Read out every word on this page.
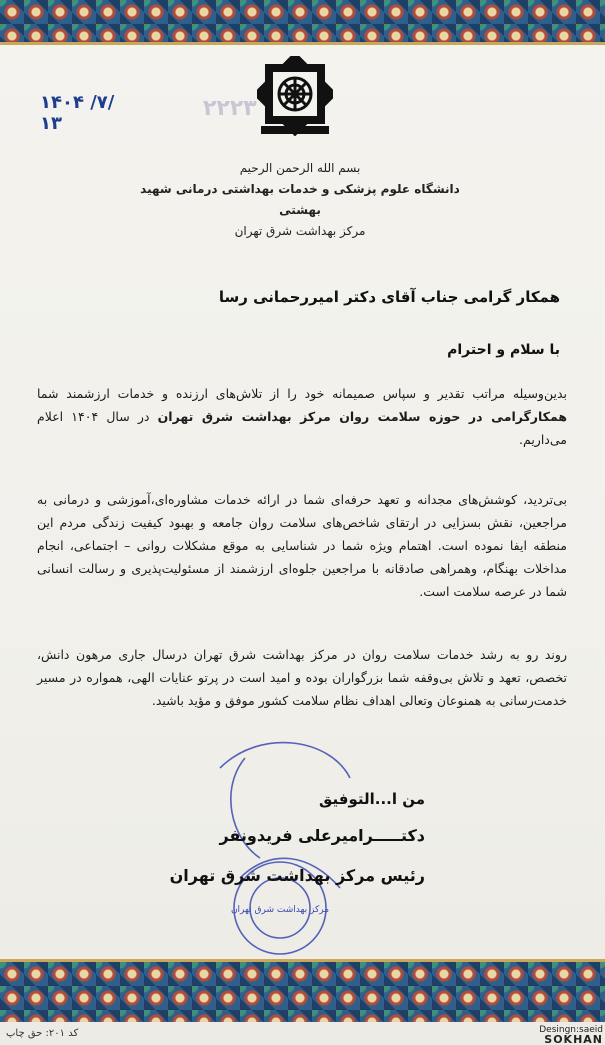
۱۴۰۴ /۷/ ۱۳
۲۲۲۳
بسم الله الرحمن الرحیم
دانشگاه علوم پزشکی و خدمات بهداشتی درمانی شهید بهشتی
مرکز بهداشت شرق تهران
همکار گرامی جناب آقای دکتر امیررحمانی رسا
با سلام و احترام
بدین‌وسیله مراتب تقدیر و سپاس صمیمانه خود را از تلاش‌های ارزنده و خدمات ارزشمند شما همکارگرامی در حوزه سلامت روان مرکز بهداشت شرق تهران در سال ۱۴۰۴ اعلام می‌داریم.
بی‌تردید، کوشش‌های مجدانه و تعهد حرفه‌ای شما در ارائه خدمات مشاوره‌ای،آموزشی و درمانی به مراجعین، نقش بسزایی در ارتقای شاخص‌های سلامت روان جامعه و بهبود کیفیت زندگی مردم این منطقه ایفا نموده است. اهتمام ویژه شما در شناسایی به موقع مشکلات روانی – اجتماعی، انجام مداخلات بهنگام، وهمراهی صادقانه با مراجعین جلوه‌ای ارزشمند از مسئولیت‌پذیری و رسالت انسانی شما در عرصه سلامت است.
روند رو به رشد خدمات سلامت روان در مرکز بهداشت شرق تهران درسال جاری مرهون دانش، تخصص، تعهد و تلاش بی‌وقفه شما بزرگواران بوده و امید است در پرتو عنایات الهی، همواره در مسیر خدمت‌رسانی به همنوعان وتعالی اهداف نظام سلامت کشور موفق و مؤید باشید.
مرکز بهداشت شرق تهران
من ا...التوفیق
دکتـــــرامیرعلی فریدونفر
رئیس مرکز بهداشت شرق تهران
کد ۲۰۱: حق چاپ	Desingn:saeid
SOKHAN
